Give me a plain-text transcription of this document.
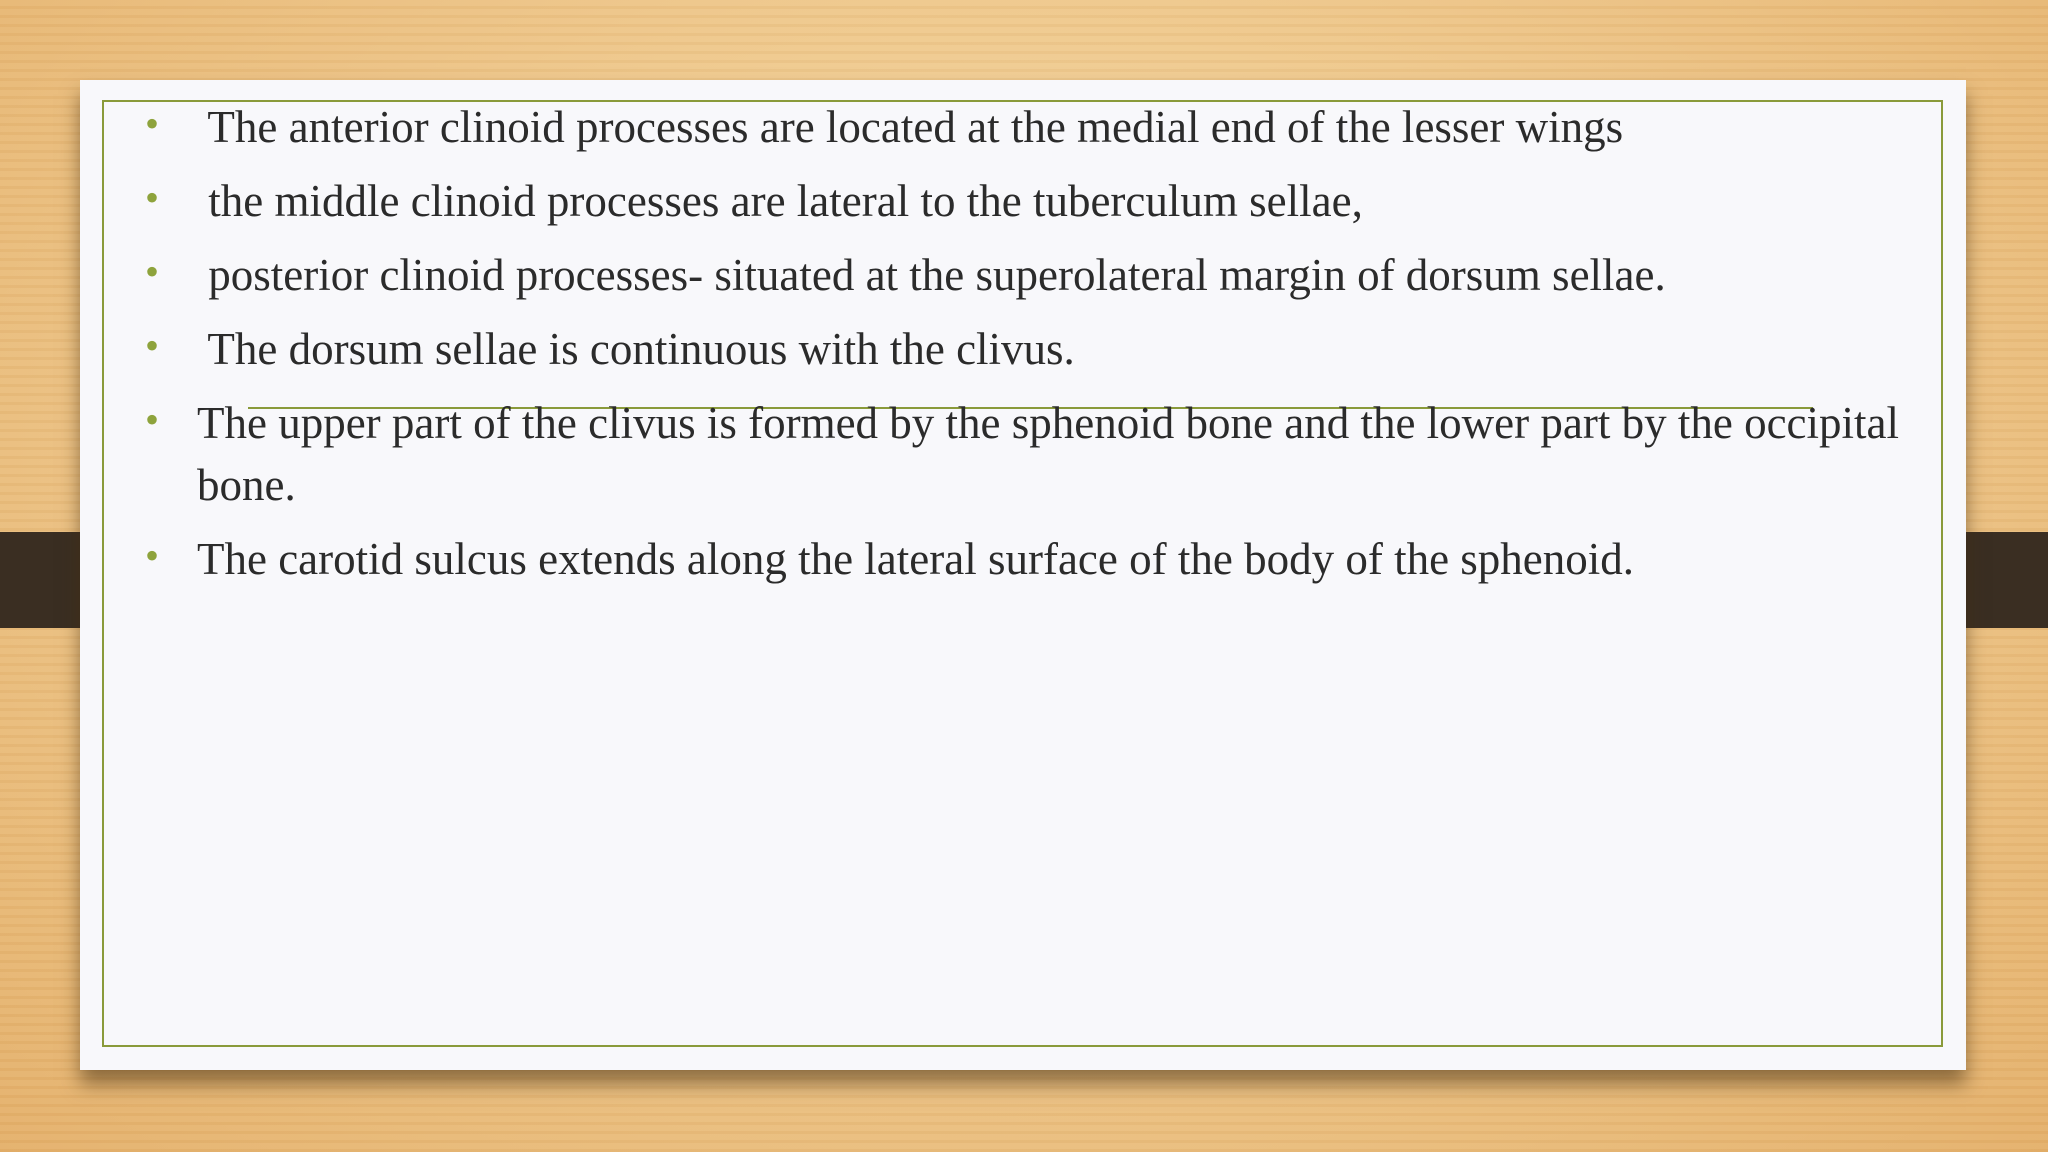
• The anterior clinoid processes are located at the medial end of the lesser wings
• the middle clinoid processes are lateral to the tuberculum sellae,
• posterior clinoid processes- situated at the superolateral margin of dorsum sellae.
• The dorsum sellae is continuous with the clivus.
• The upper part of the clivus is formed by the sphenoid bone and the lower part by the occipital bone.
• The carotid sulcus extends along the lateral surface of the body of the sphenoid.
